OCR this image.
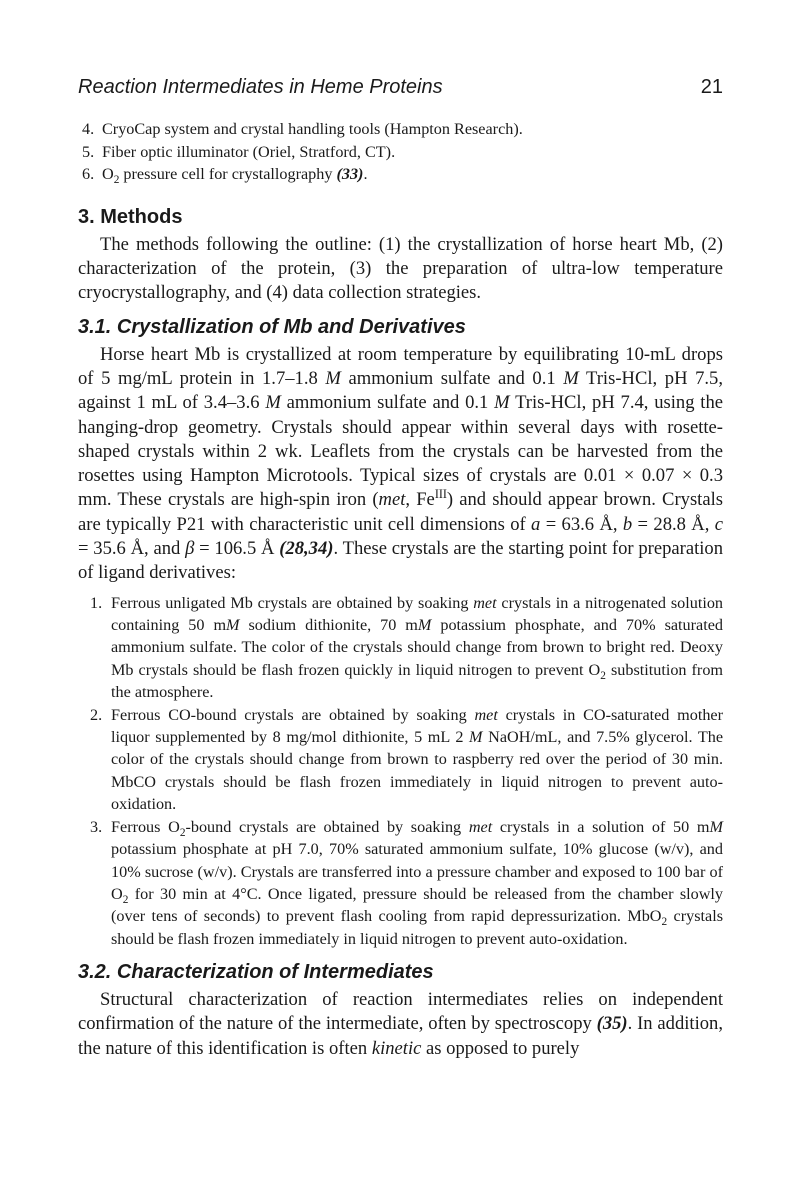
Reaction Intermediates in Heme Proteins	21
4. CryoCap system and crystal handling tools (Hampton Research).
5. Fiber optic illuminator (Oriel, Stratford, CT).
6. $O_2$ pressure cell for crystallography (33).
3. Methods

The methods following the outline: (1) the crystallization of horse heart Mb, (2) characterization of the protein, (3) the preparation of ultra-low temperature cryocrystallography, and (4) data collection strategies.

3.1. Crystallization of Mb and Derivatives

Horse heart Mb is crystallized at room temperature by equilibrating 10-mL drops of 5 mg/mL protein in 1.7–1.8 M ammonium sulfate and 0.1 M Tris-HCl, pH 7.5, against 1 mL of 3.4–3.6 M ammonium sulfate and 0.1 M Tris-HCl, pH 7.4, using the hanging-drop geometry. Crystals should appear within several days with rosette-shaped crystals within 2 wk. Leaflets from the crystals can be harvested from the rosettes using Hampton Microtools. Typical sizes of crystals are 0.01 × 0.07 × 0.3 mm. These crystals are high-spin iron (met, $Fe^{III}$) and should appear brown. Crystals are typically P21 with characteristic unit cell dimensions of a = 63.6 Å, b = 28.8 Å, c = 35.6 Å, and β = 106.5 Å (28,34). These crystals are the starting point for preparation of ligand derivatives:

1. Ferrous unligated Mb crystals are obtained by soaking met crystals in a nitrogenated solution containing 50 mM sodium dithionite, 70 mM potassium phosphate, and 70% saturated ammonium sulfate. The color of the crystals should change from brown to bright red. Deoxy Mb crystals should be flash frozen quickly in liquid nitrogen to prevent $O_2$ substitution from the atmosphere.
2. Ferrous CO-bound crystals are obtained by soaking met crystals in CO-saturated mother liquor supplemented by 8 mg/mol dithionite, 5 mL 2 M NaOH/mL, and 7.5% glycerol. The color of the crystals should change from brown to raspberry red over the period of 30 min. MbCO crystals should be flash frozen immediately in liquid nitrogen to prevent auto-oxidation.
3. Ferrous $O_2$-bound crystals are obtained by soaking met crystals in a solution of 50 mM potassium phosphate at pH 7.0, 70% saturated ammonium sulfate, 10% glucose (w/v), and 10% sucrose (w/v). Crystals are transferred into a pressure chamber and exposed to 100 bar of $O_2$ for 30 min at 4°C. Once ligated, pressure should be released from the chamber slowly (over tens of seconds) to prevent flash cooling from rapid depressurization. MbO$_2$ crystals should be flash frozen immediately in liquid nitrogen to prevent auto-oxidation.
3.2. Characterization of Intermediates

Structural characterization of reaction intermediates relies on independent confirmation of the nature of the intermediate, often by spectroscopy (35). In addition, the nature of this identification is often kinetic as opposed to purely
